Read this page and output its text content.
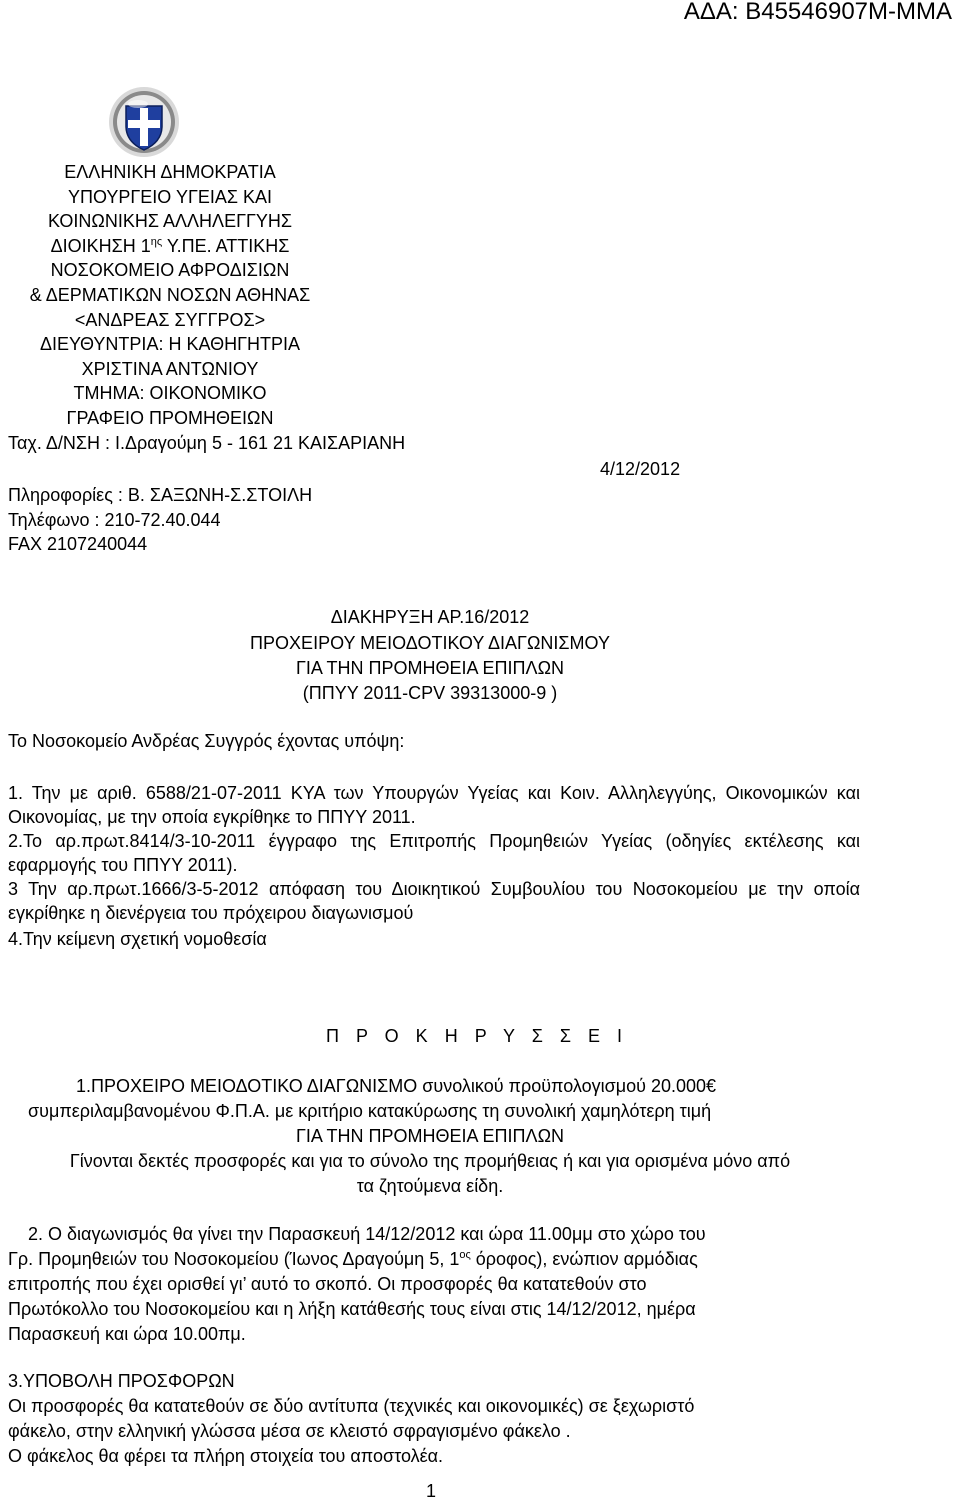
ΑΔΑ: Β45546907Μ-ΜΜΑ
ΕΛΛΗΝΙΚΗ ΔΗΜΟΚΡΑΤΙΑ
ΥΠΟΥΡΓΕΙΟ ΥΓΕΙΑΣ ΚΑΙ
ΚΟΙΝΩΝΙΚΗΣ ΑΛΛΗΛΕΓΓΥΗΣ
ΔΙΟΙΚΗΣΗ $1^{\eta\varsigma}$ Υ.ΠΕ. ΑΤΤΙΚΗΣ
ΝΟΣΟΚΟΜΕΙΟ ΑΦΡΟΔΙΣΙΩΝ
& ΔΕΡΜΑΤΙΚΩΝ ΝΟΣΩΝ ΑΘΗΝΑΣ
<ΑΝΔΡΕΑΣ ΣΥΓΓΡΟΣ>
ΔΙΕΥΘΥΝΤΡΙΑ: Η ΚΑΘΗΓΗΤΡΙΑ
ΧΡΙΣΤΙΝΑ ΑΝΤΩΝΙΟΥ
ΤΜΗΜΑ: ΟΙΚΟΝΟΜΙΚΟ
ΓΡΑΦΕΙΟ ΠΡΟΜΗΘΕΙΩΝ
Ταχ. Δ/ΝΣΗ : Ι.Δραγούμη 5 - 161 21 ΚΑΙΣΑΡΙΑΝΗ
4/12/2012
Πληροφορίες : Β. ΣΑΞΩΝΗ-Σ.ΣΤΟΙΛΗ
Τηλέφωνο : 210-72.40.044
FAX 2107240044
ΔΙΑΚΗΡΥΞΗ ΑΡ.16/2012
ΠΡΟΧΕΙΡΟΥ ΜΕΙΟΔΟΤΙΚΟΥ ΔΙΑΓΩΝΙΣΜΟΥ
ΓΙΑ ΤΗΝ ΠΡΟΜΗΘΕΙΑ ΕΠΙΠΛΩΝ
(ΠΠΥΥ 2011-CPV 39313000-9 )
Το Νοσοκομείο Ανδρέας Συγγρός έχοντας υπόψη:
1. Την με αριθ. 6588/21-07-2011 ΚΥΑ των Υπουργών Υγείας και Κοιν. Αλληλεγγύης, Οικονομικών και Οικονομίας, με την οποία εγκρίθηκε το ΠΠΥΥ 2011.
2.Το αρ.πρωτ.8414/3-10-2011 έγγραφο της Επιτροπής Προμηθειών Υγείας (οδηγίες εκτέλεσης και εφαρμογής του ΠΠΥΥ 2011).
3 Την αρ.πρωτ.1666/3-5-2012 απόφαση του Διοικητικού Συμβουλίου του Νοσοκομείου με την οποία εγκρίθηκε η διενέργεια του πρόχειρου διαγωνισμού
4.Την κείμενη σχετική νομοθεσία
Π Ρ Ο Κ Η Ρ Υ Σ Σ Ε Ι
1.ΠΡΟΧΕΙΡΟ ΜΕΙΟΔΟΤΙΚΟ ΔΙΑΓΩΝΙΣΜΟ συνολικού προϋπολογισμού 20.000€
συμπεριλαμβανομένου Φ.Π.Α. με κριτήριο κατακύρωσης τη συνολική χαμηλότερη τιμή
ΓΙΑ ΤΗΝ ΠΡΟΜΗΘΕΙΑ ΕΠΙΠΛΩΝ
Γίνονται δεκτές προσφορές και για το σύνολο της προμήθειας ή και για ορισμένα μόνο από
τα ζητούμενα είδη.
2. Ο διαγωνισμός θα γίνει την Παρασκευή 14/12/2012 και ώρα 11.00μμ στο χώρο του
Γρ. Προμηθειών του Νοσοκομείου (Ίωνος Δραγούμη 5, $1^{o\varsigma}$ όροφος), ενώπιον αρμόδιας
επιτροπής που έχει ορισθεί γι’ αυτό το σκοπό. Οι προσφορές θα κατατεθούν στο
Πρωτόκολλο του Νοσοκομείου και η λήξη κατάθεσής τους είναι στις 14/12/2012, ημέρα
Παρασκευή και ώρα 10.00πμ.
3.ΥΠΟΒΟΛΗ ΠΡΟΣΦΟΡΩΝ
Οι προσφορές θα κατατεθούν σε δύο αντίτυπα (τεχνικές και οικονομικές) σε ξεχωριστό
φάκελο, στην ελληνική γλώσσα μέσα σε κλειστό σφραγισμένο φάκελο .
Ο φάκελος θα φέρει τα πλήρη στοιχεία του αποστολέα.
1
